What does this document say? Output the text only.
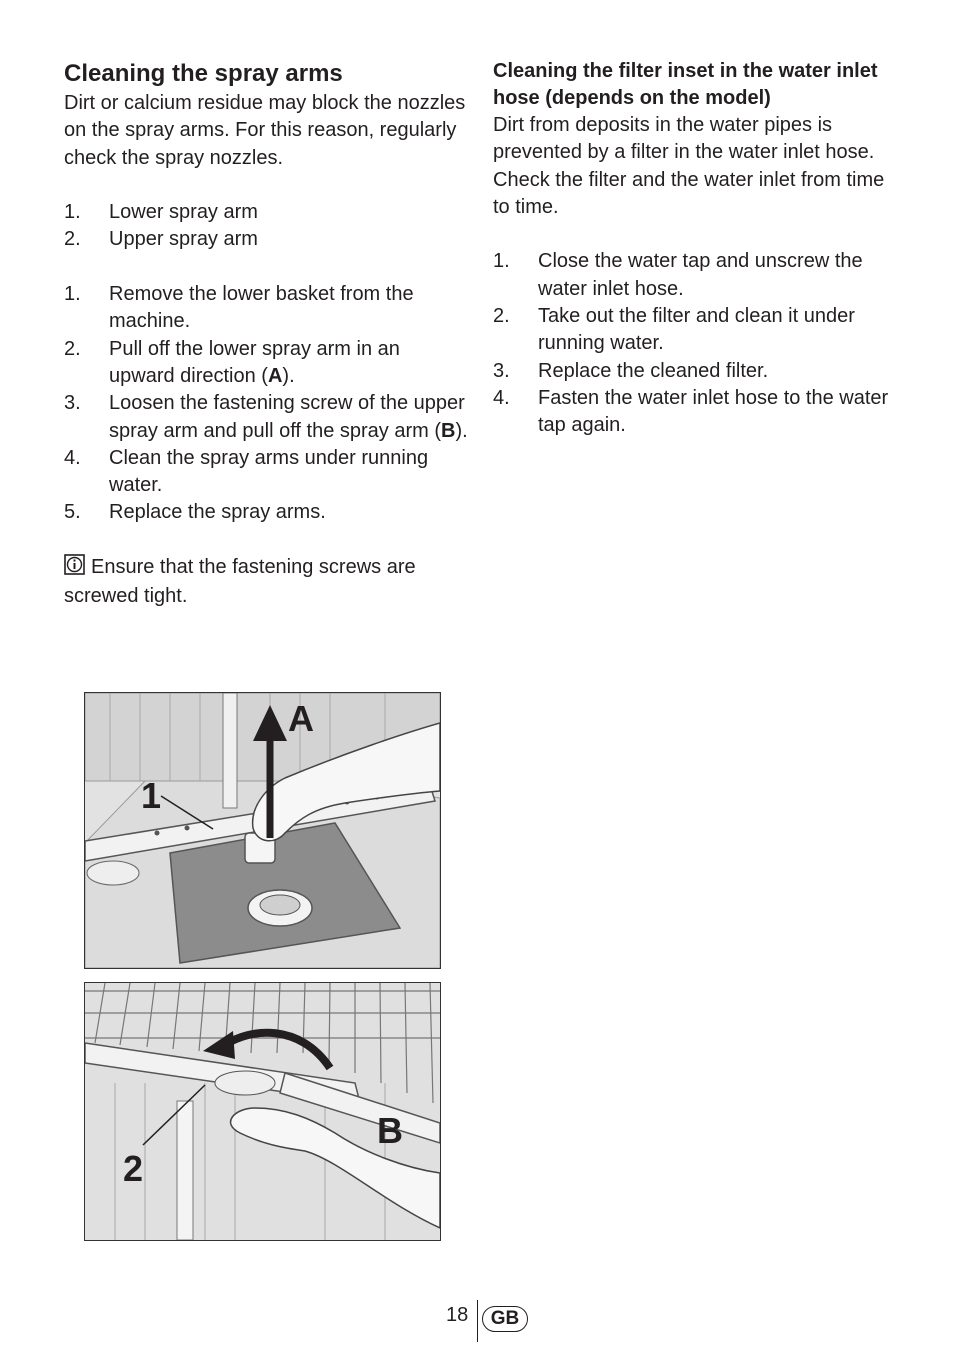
Cleaning the spray arms

Dirt or calcium residue may block the nozzles on the spray arms. For this reason, regularly check the spray nozzles.

1. Lower spray arm
2. Upper spray arm
1. Remove the lower basket from the machine.
2. Pull off the lower spray arm in an upward direction (A).
3. Loosen the fastening screw of the upper spray arm and pull off the spray arm (B).
4. Clean the spray arms under running water.
5. Replace the spray arms.

Ensure that the fastening screws are screwed tight.

Cleaning the filter inset in the water inlet hose (depends on the model)

Dirt from deposits in the water pipes is prevented by a filter in the water inlet hose. Check the filter and the water inlet from time to time.

1. Close the water tap and unscrew the water inlet hose.
2. Take out the filter and clean it under running water.
3. Replace the cleaned filter.
4. Fasten the water inlet hose to the water tap again.
A
1
B
2
18	GB
